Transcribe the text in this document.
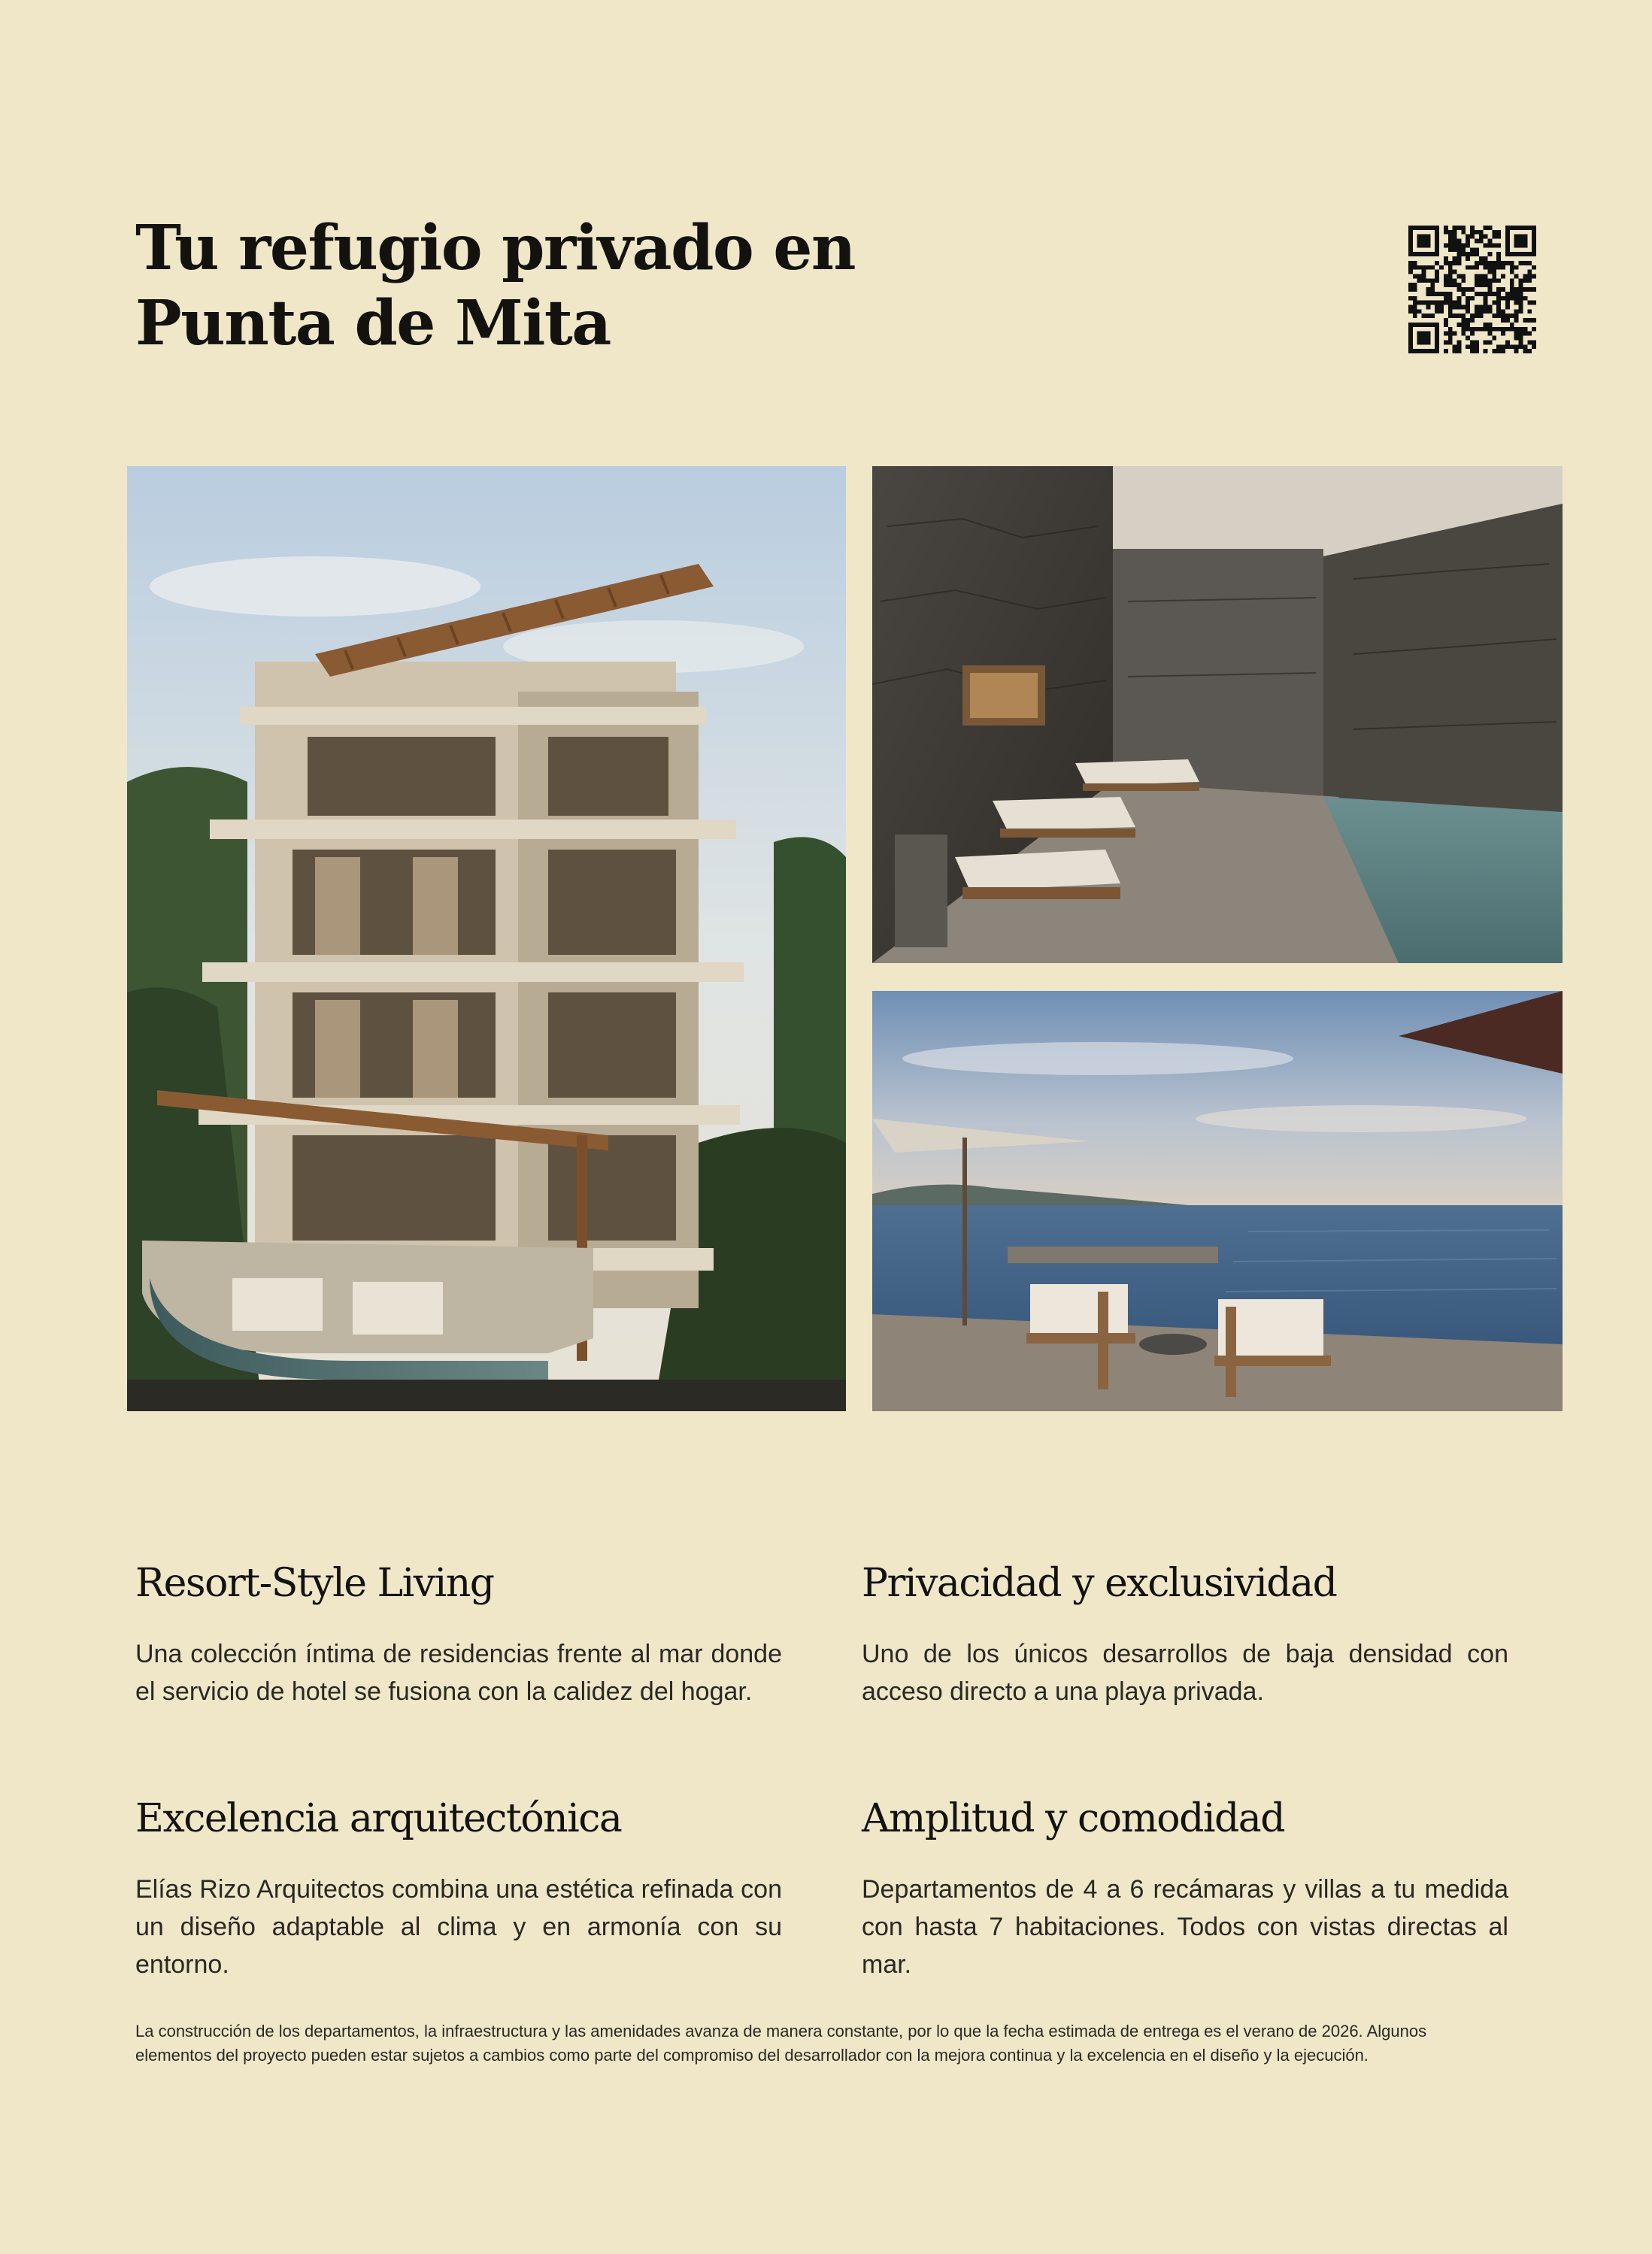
Tu refugio privado en
Punta de Mita
Resort-Style Living

Una colección íntima de residencias frente al mar donde el servicio de hotel se fusiona con la calidez del hogar.

Privacidad y exclusividad

Uno de los únicos desarrollos de baja densidad con acceso directo a una playa privada.

Excelencia arquitectónica

Elías Rizo Arquitectos combina una estética refinada con un diseño adaptable al clima y en armonía con su entorno.

Amplitud y comodidad

Departamentos de 4 a 6 recámaras y villas a tu medida con hasta 7 habitaciones. Todos con vistas directas al mar.

La construcción de los departamentos, la infraestructura y las amenidades avanza de manera constante, por lo que la fecha estimada de entrega es el verano de 2026. Algunos elementos del proyecto pueden estar sujetos a cambios como parte del compromiso del desarrollador con la mejora continua y la excelencia en el diseño y la ejecución.
